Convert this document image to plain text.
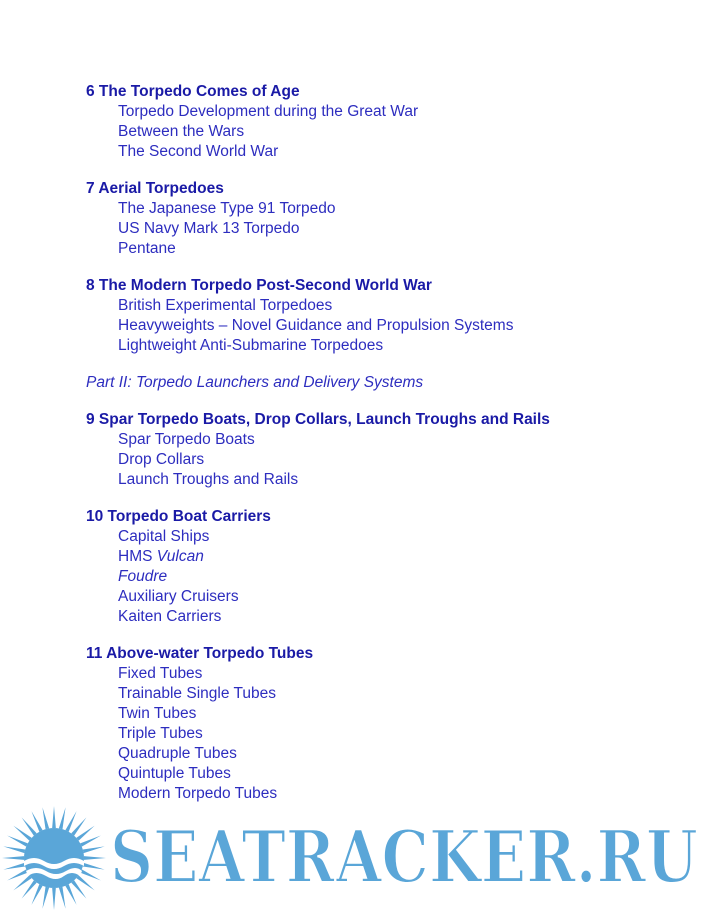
6 The Torpedo Comes of Age
Torpedo Development during the Great War
Between the Wars
The Second World War
7 Aerial Torpedoes
The Japanese Type 91 Torpedo
US Navy Mark 13 Torpedo
Pentane
8 The Modern Torpedo Post-Second World War
British Experimental Torpedoes
Heavyweights – Novel Guidance and Propulsion Systems
Lightweight Anti-Submarine Torpedoes
Part II: Torpedo Launchers and Delivery Systems
9 Spar Torpedo Boats, Drop Collars, Launch Troughs and Rails
Spar Torpedo Boats
Drop Collars
Launch Troughs and Rails
10 Torpedo Boat Carriers
Capital Ships
HMS Vulcan
Foudre
Auxiliary Cruisers
Kaiten Carriers
11 Above-water Torpedo Tubes
Fixed Tubes
Trainable Single Tubes
Twin Tubes
Triple Tubes
Quadruple Tubes
Quintuple Tubes
Modern Torpedo Tubes
SEATRACKER.RU
